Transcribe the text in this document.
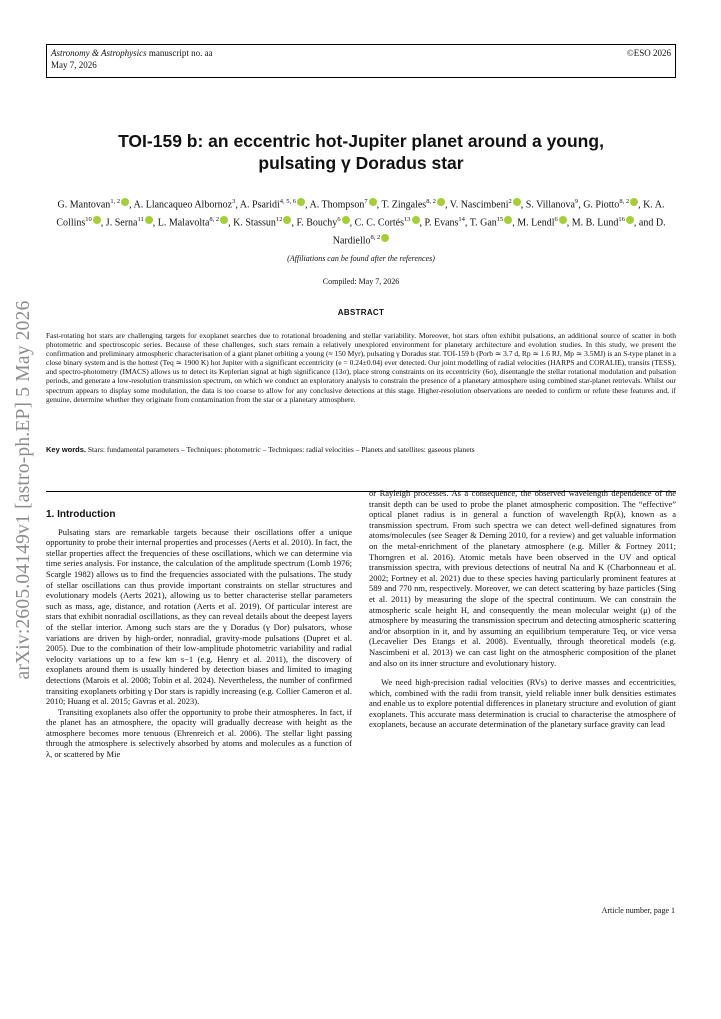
arXiv:2605.04149v1 [astro-ph.EP] 5 May 2026
Astronomy & Astrophysics manuscript no. aa
May 7, 2026
©ESO 2026
TOI-159 b: an eccentric hot-Jupiter planet around a young,
pulsating γ Doradus star
G. Mantovan$^{1, 2}$ , A. Llancaqueo Albornoz$^3$, A. Psaridi$^{4, 5, 6}$ , A. Thompson$^7$ , T. Zingales$^{8, 2}$ , V. Nascimbeni$^2$ , S. Villanova$^9$, G. Piotto$^{8, 2}$ , K. A. Collins$^{10}$ , J. Serna$^{11}$ , L. Malavolta$^{8, 2}$ , K. Stassun$^{12}$ , F. Bouchy$^6$ , C. C. Cortés$^{13}$ , P. Evans$^{14}$, T. Gan$^{15}$ , M. Lendl$^6$ , M. B. Lund$^{16}$ , and D. Nardiello$^{8, 2}$
(Affiliations can be found after the references)
Compiled: May 7, 2026
ABSTRACT
Fast-rotating hot stars are challenging targets for exoplanet searches due to rotational broadening and stellar variability. Moreover, hot stars often exhibit pulsations, an additional source of scatter in both photometric and spectroscopic series. Because of these challenges, such stars remain a relatively unexplored environment for planetary architecture and evolution studies. In this study, we present the confirmation and preliminary atmospheric characterisation of a giant planet orbiting a young (≈ 150 Myr), pulsating γ Doradus star. TOI-159 b (Porb ≃ 3.7 d, Rp ≃ 1.6 RJ, Mp ≃ 3.5MJ) is an S-type planet in a close binary system and is the hottest (Teq ≃ 1900 K) hot Jupiter with a significant eccentricity (e = 0.24±0.04) ever detected. Our joint modelling of radial velocities (HARPS and CORALIE), transits (TESS), and spectro-photometry (IMACS) allows us to detect its Keplerian signal at high significance (13σ), place strong constraints on its eccentricity (6σ), disentangle the stellar rotational modulation and pulsation periods, and generate a low-resolution transmission spectrum, on which we conduct an exploratory analysis to constrain the presence of a planetary atmosphere using combined star-planet retrievals. Whilst our spectrum appears to display some modulation, the data is too coarse to allow for any conclusive detections at this stage. Higher-resolution observations are needed to confirm or refute these features and, if genuine, determine whether they originate from contamination from the star or a planetary atmosphere.
Key words. Stars: fundamental parameters – Techniques: photometric – Techniques: radial velocities – Planets and satellites: gaseous planets
1. Introduction

Pulsating stars are remarkable targets because their oscillations offer a unique opportunity to probe their internal properties and processes (Aerts et al. 2010). In fact, the stellar properties affect the frequencies of these oscillations, which we can determine via time series analysis. For instance, the calculation of the amplitude spectrum (Lomb 1976; Scargle 1982) allows us to find the frequencies associated with the pulsations. The study of stellar oscillations can thus provide important constraints on stellar structures and evolutionary models (Aerts 2021), allowing us to better characterise stellar parameters such as mass, age, distance, and rotation (Aerts et al. 2019). Of particular interest are stars that exhibit nonradial oscillations, as they can reveal details about the deepest layers of the stellar interior. Among such stars are the γ Doradus (γ Dor) pulsators, whose variations are driven by high-order, nonradial, gravity-mode pulsations (Dupret et al. 2005). Due to the combination of their low-amplitude photometric variability and radial velocity variations up to a few km s−1 (e.g. Henry et al. 2011), the discovery of exoplanets around them is usually hindered by detection biases and limited to imaging detections (Marois et al. 2008; Tobin et al. 2024). Nevertheless, the number of confirmed transiting exoplanets orbiting γ Dor stars is rapidly increasing (e.g. Collier Cameron et al. 2010; Huang et al. 2015; Gavras et al. 2023).

Transiting exoplanets also offer the opportunity to probe their atmospheres. In fact, if the planet has an atmosphere, the opacity will gradually decrease with height as the atmosphere becomes more tenuous (Ehrenreich et al. 2006). The stellar light passing through the atmosphere is selectively absorbed by atoms and molecules as a function of λ, or scattered by Mie

or Rayleigh processes. As a consequence, the observed wavelength dependence of the transit depth can be used to probe the planet atmospheric composition. The “effective” optical planet radius is in general a function of wavelength Rp(λ), known as a transmission spectrum. From such spectra we can detect well-defined signatures from atoms/molecules (see Seager & Deming 2010, for a review) and get valuable information on the metal-enrichment of the planetary atmosphere (e.g. Miller & Fortney 2011; Thorngren et al. 2016). Atomic metals have been observed in the UV and optical transmission spectra, with previous detections of neutral Na and K (Charbonneau et al. 2002; Fortney et al. 2021) due to these species having particularly prominent features at 589 and 770 nm, respectively. Moreover, we can detect scattering by haze particles (Sing et al. 2011) by measuring the slope of the spectral continuum. We can constrain the atmospheric scale height H, and consequently the mean molecular weight (μ) of the atmosphere by measuring the transmission spectrum and detecting atmospheric scattering and/or absorption in it, and by assuming an equilibrium temperature Teq, or vice versa (Lecavelier Des Etangs et al. 2008). Eventually, through theoretical models (e.g. Nascimbeni et al. 2013) we can cast light on the atmospheric composition of the planet and also on its inner structure and evolutionary history.

We need high-precision radial velocities (RVs) to derive masses and eccentricities, which, combined with the radii from transit, yield reliable inner bulk densities estimates and enable us to explore potential differences in planetary structure and evolution of giant exoplanets. This accurate mass determination is crucial to characterise the atmosphere of exoplanets, because an accurate determination of the planetary surface gravity can lead

Article number, page 1
